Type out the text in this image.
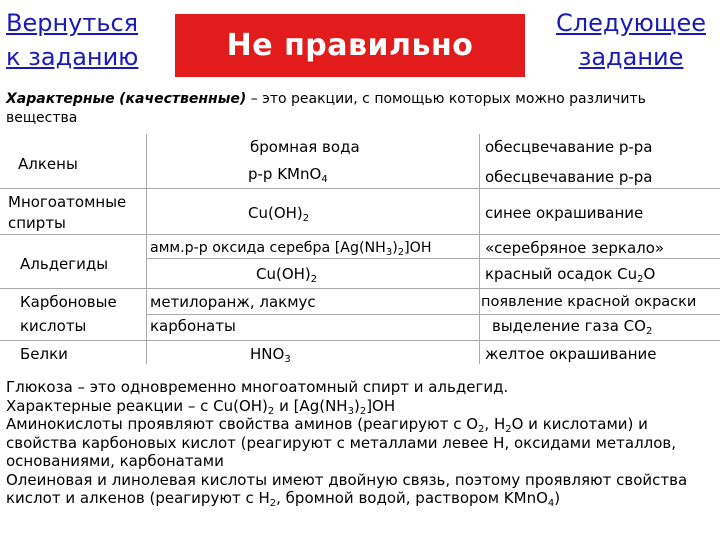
Вернуться
к заданию	Не правильно
Следующее
задание
Характерные (качественные) – это реакции, с помощью которых можно различить вещества
Алкены
Многоатомные
спирты
Альдегиды
Карбоновые
кислоты
Белки
бромная вода
р-р KMnO$_4$
$Cu(OH)_2$
амм.р-р оксида серебра $[Ag(NH_3)_2]OH$
$Cu(OH)_2$
метилоранж, лакмус
карбонаты
$HNO_3$
обесцвечавание р-ра
обесцвечавание р-ра
синее окрашивание
«серебряное зеркало»
красный осадок $Cu_2O$
появление красной окраски
выделение газа $CO_2$
желтое окрашивание

Глюкоза – это одновременно многоатомный спирт и альдегид.

Характерные реакции – с $Cu(OH)_2$ и $[Ag(NH_3)_2]OH$

Аминокислоты проявляют свойства аминов (реагируют с $O_2$, $H_2O$ и кислотами) и свойства карбоновых кислот (реагируют с металлами левее H, оксидами металлов, основаниями, карбонатами

Олеиновая и линолевая кислоты имеют двойную связь, поэтому проявляют свойства кислот и алкенов (реагируют с $H_2$, бромной водой, раствором KMnO$_4$)
